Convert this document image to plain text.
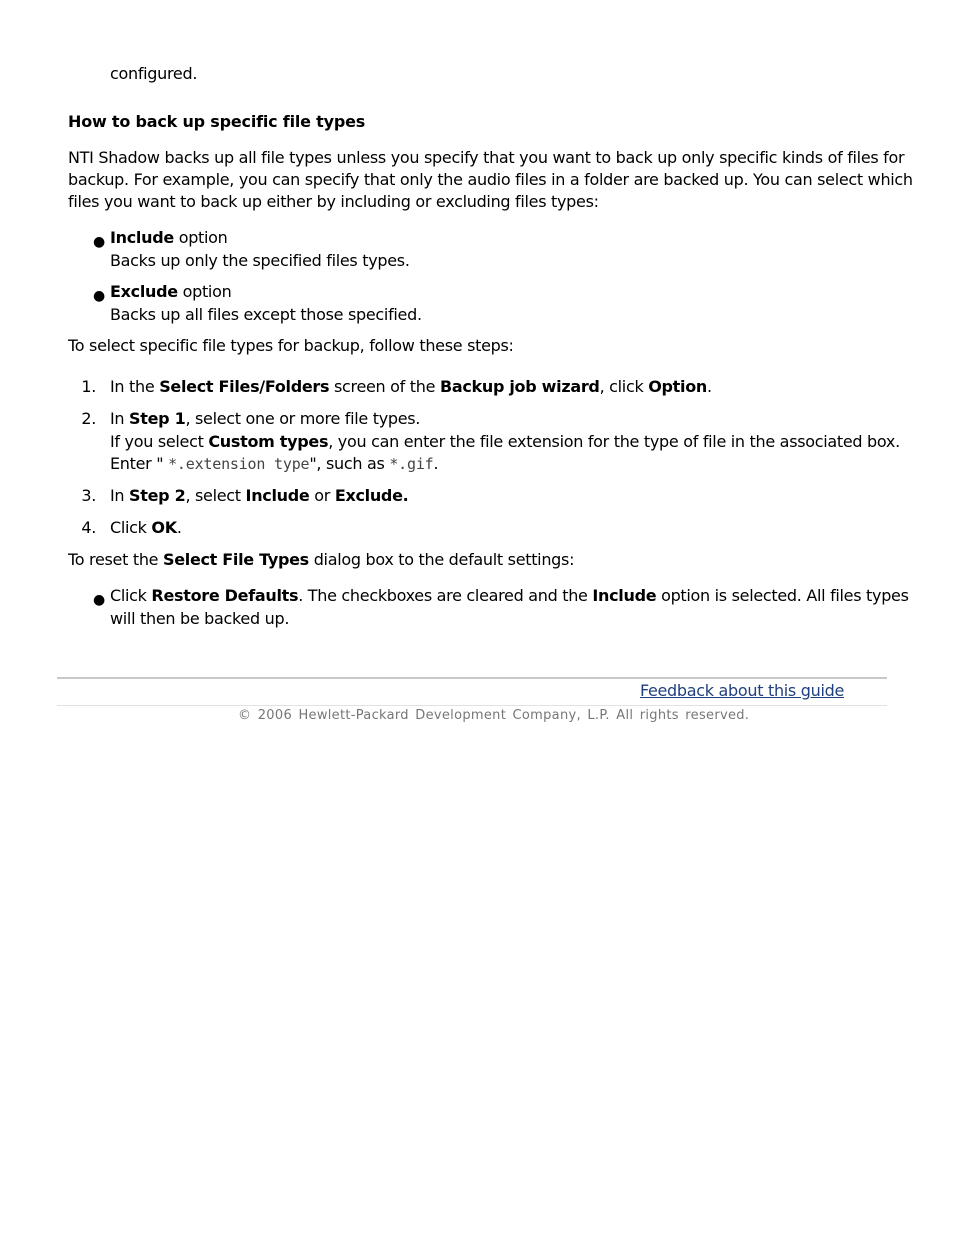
configured.

How to back up specific file types

NTI Shadow backs up all file types unless you specify that you want to back up only specific kinds of files for

backup. For example, you can specify that only the audio files in a folder are backed up. You can select which

files you want to back up either by including or excluding files types:

● Include option

Backs up only the specified files types.

● Exclude option

Backs up all files except those specified.

To select specific file types for backup, follow these steps:

1. In the Select Files/Folders screen of the Backup job wizard, click Option.

2. In Step 1, select one or more file types.

If you select Custom types, you can enter the file extension for the type of file in the associated box.

Enter " *.extension type", such as *.gif.

3. In Step 2, select Include or Exclude.

4. Click OK.

To reset the Select File Types dialog box to the default settings:

● Click Restore Defaults. The checkboxes are cleared and the Include option is selected. All files types

will then be backed up.

Feedback about this guide

© 2006 Hewlett-Packard Development Company, L.P. All rights reserved.
